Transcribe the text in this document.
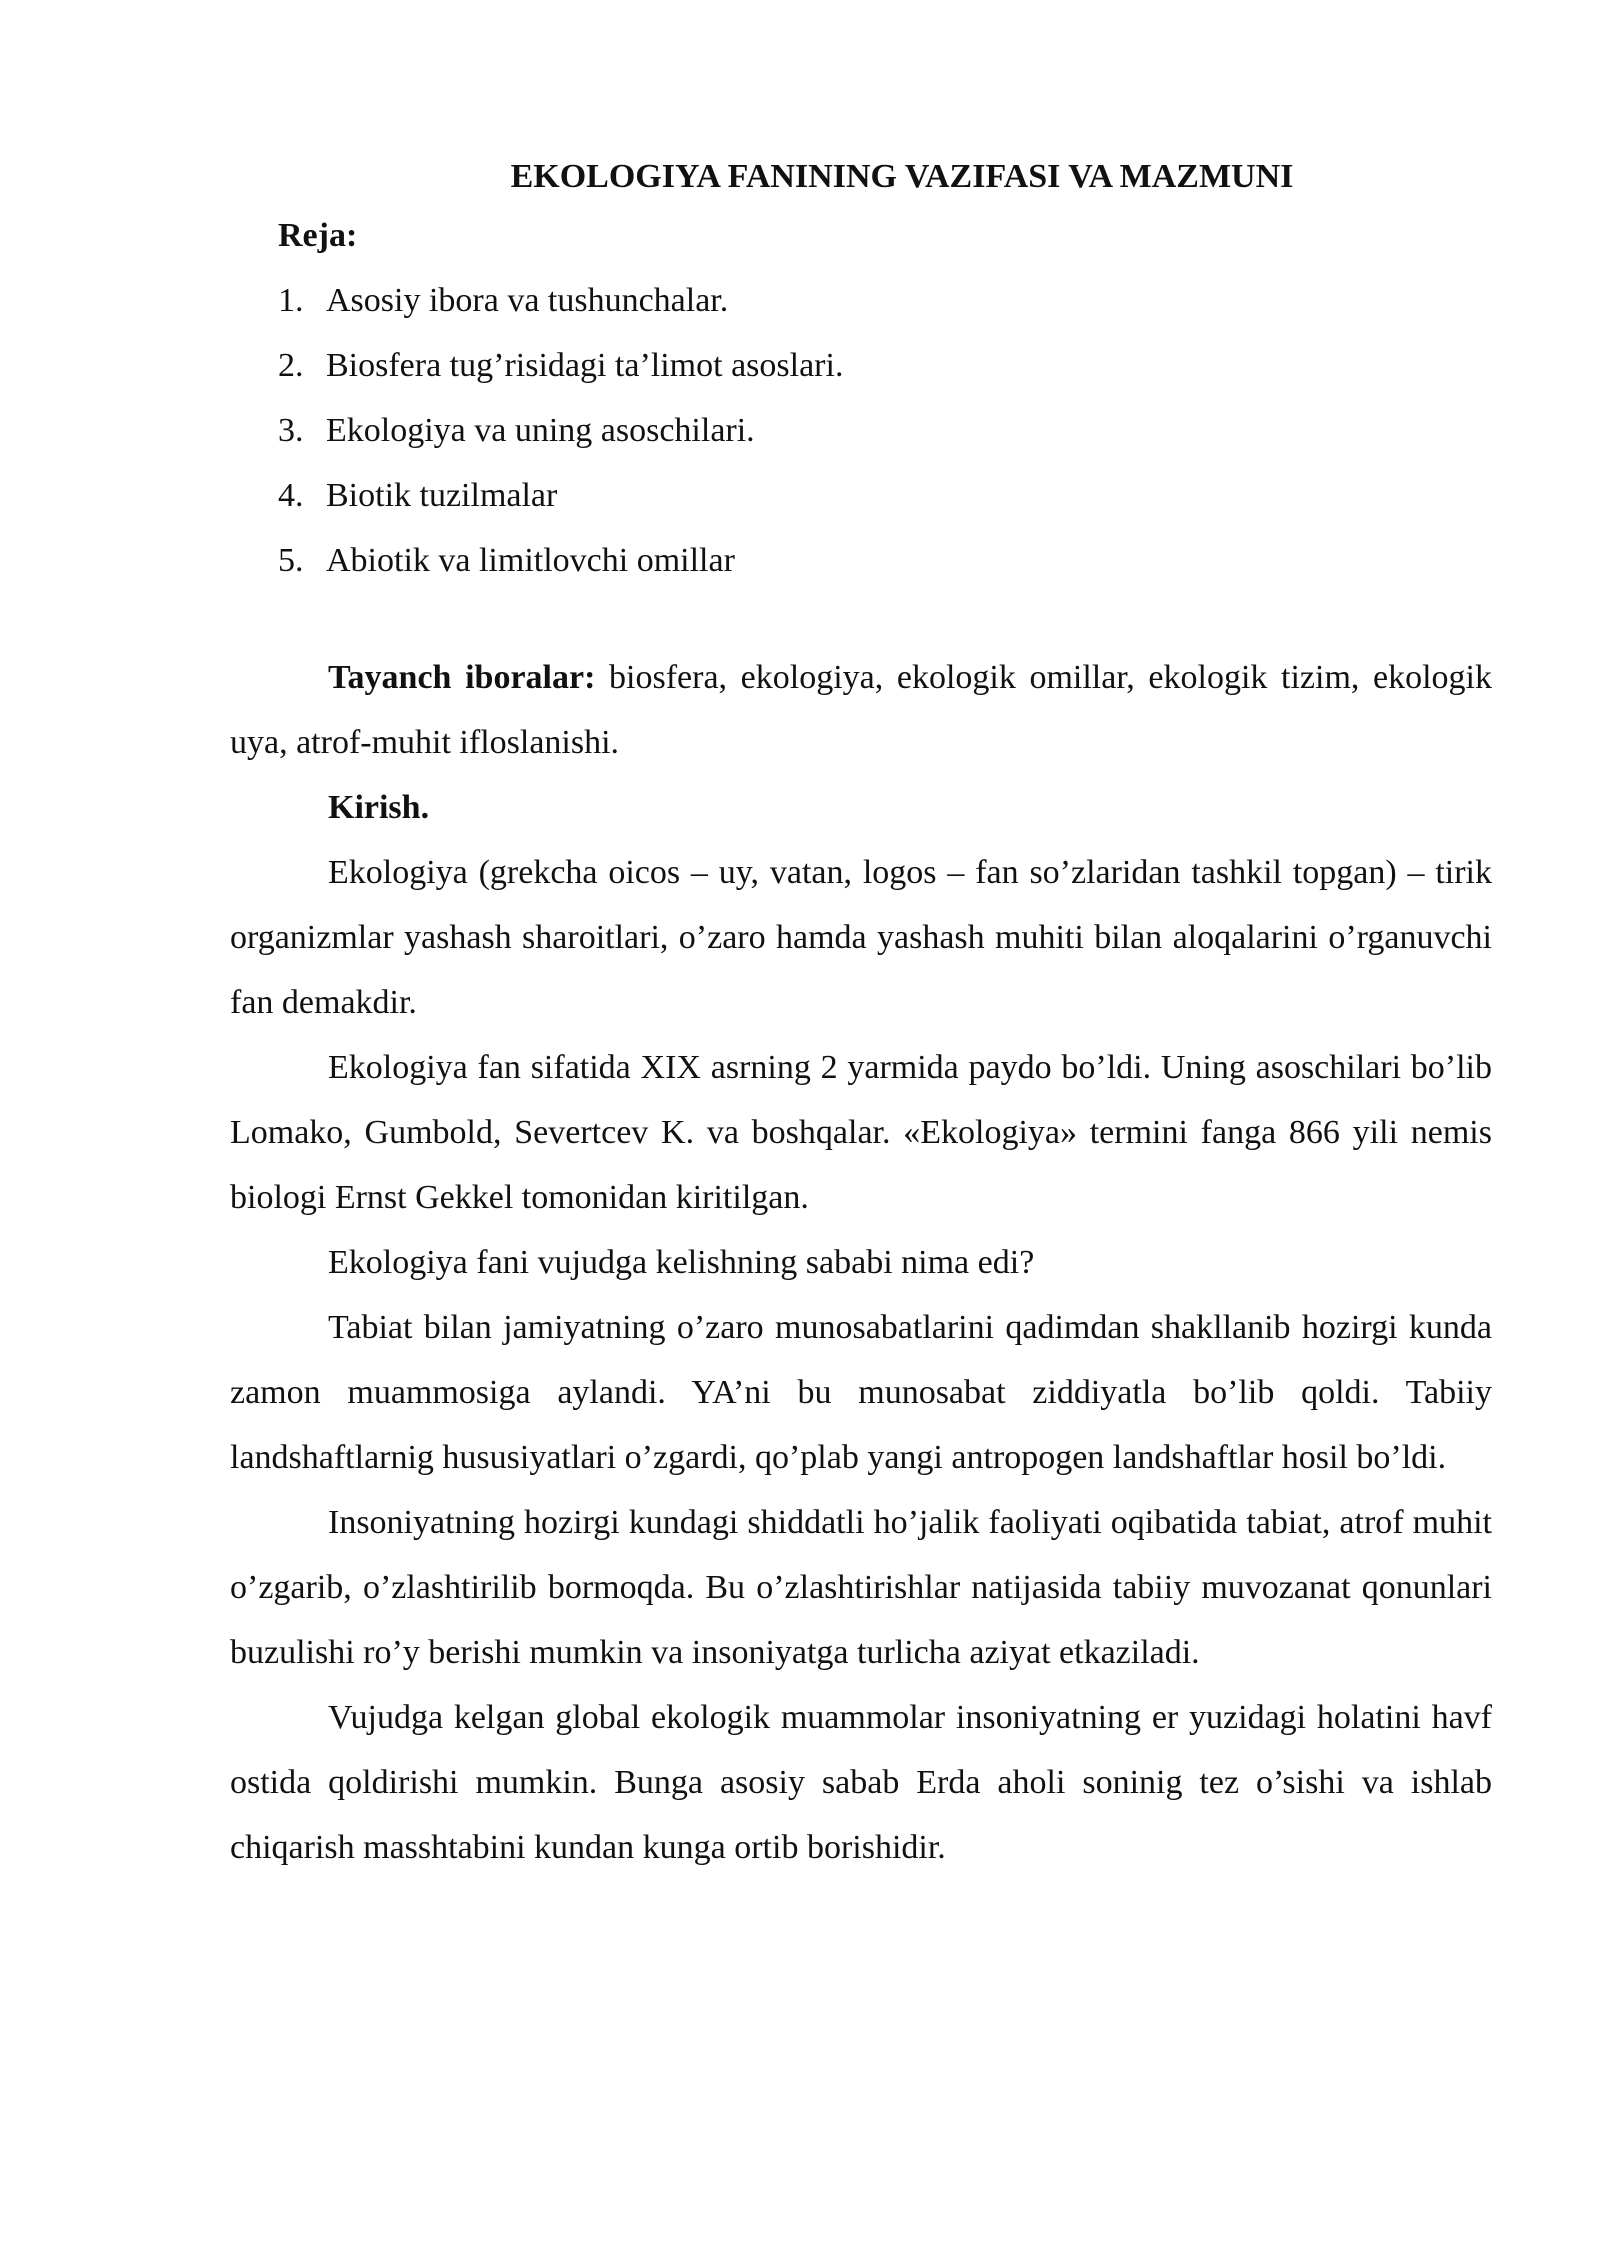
EKOLOGIYA FANINING VAZIFASI VA MAZMUNI

Reja:

1. Asosiy ibora va tushunchalar.
2. Biosfera tug’risidagi ta’limot asoslari.
3. Ekologiya va uning asoschilari.
4. Biotik tuzilmalar
5. Abiotik va limitlovchi omillar

Tayanch iboralar: biosfera, ekologiya, ekologik omillar, ekologik tizim, ekologik uya, atrof-muhit ifloslanishi.

Kirish.

Ekologiya (grekcha oicos – uy, vatan, logos – fan so’zlaridan tashkil topgan) – tirik organizmlar yashash sharoitlari, o’zaro hamda yashash muhiti bilan aloqalarini o’rganuvchi fan demakdir.

Ekologiya fan sifatida XIX asrning 2 yarmida paydo bo’ldi. Uning asoschilari bo’lib Lomako, Gumbold, Severtcev K. va boshqalar. «Ekologiya» termini fanga 866 yili nemis biologi Ernst Gekkel tomonidan kiritilgan.

Ekologiya fani vujudga kelishning sababi nima edi?

Tabiat bilan jamiyatning o’zaro munosabatlarini qadimdan shakllanib hozirgi kunda zamon muammosiga aylandi. YA’ni bu munosabat ziddiyatla bo’lib qoldi. Tabiiy landshaftlarnig hususiyatlari o’zgardi, qo’plab yangi antropogen landshaftlar hosil bo’ldi.

Insoniyatning hozirgi kundagi shiddatli ho’jalik faoliyati oqibatida tabiat, atrof muhit o’zgarib, o’zlashtirilib bormoqda. Bu o’zlashtirishlar natijasida tabiiy muvozanat qonunlari buzulishi ro’y berishi mumkin va insoniyatga turlicha aziyat etkaziladi.

Vujudga kelgan global ekologik muammolar insoniyatning er yuzidagi holatini havf ostida qoldirishi mumkin. Bunga asosiy sabab Erda aholi soninig tez o’sishi va ishlab chiqarish masshtabini kundan kunga ortib borishidir.
